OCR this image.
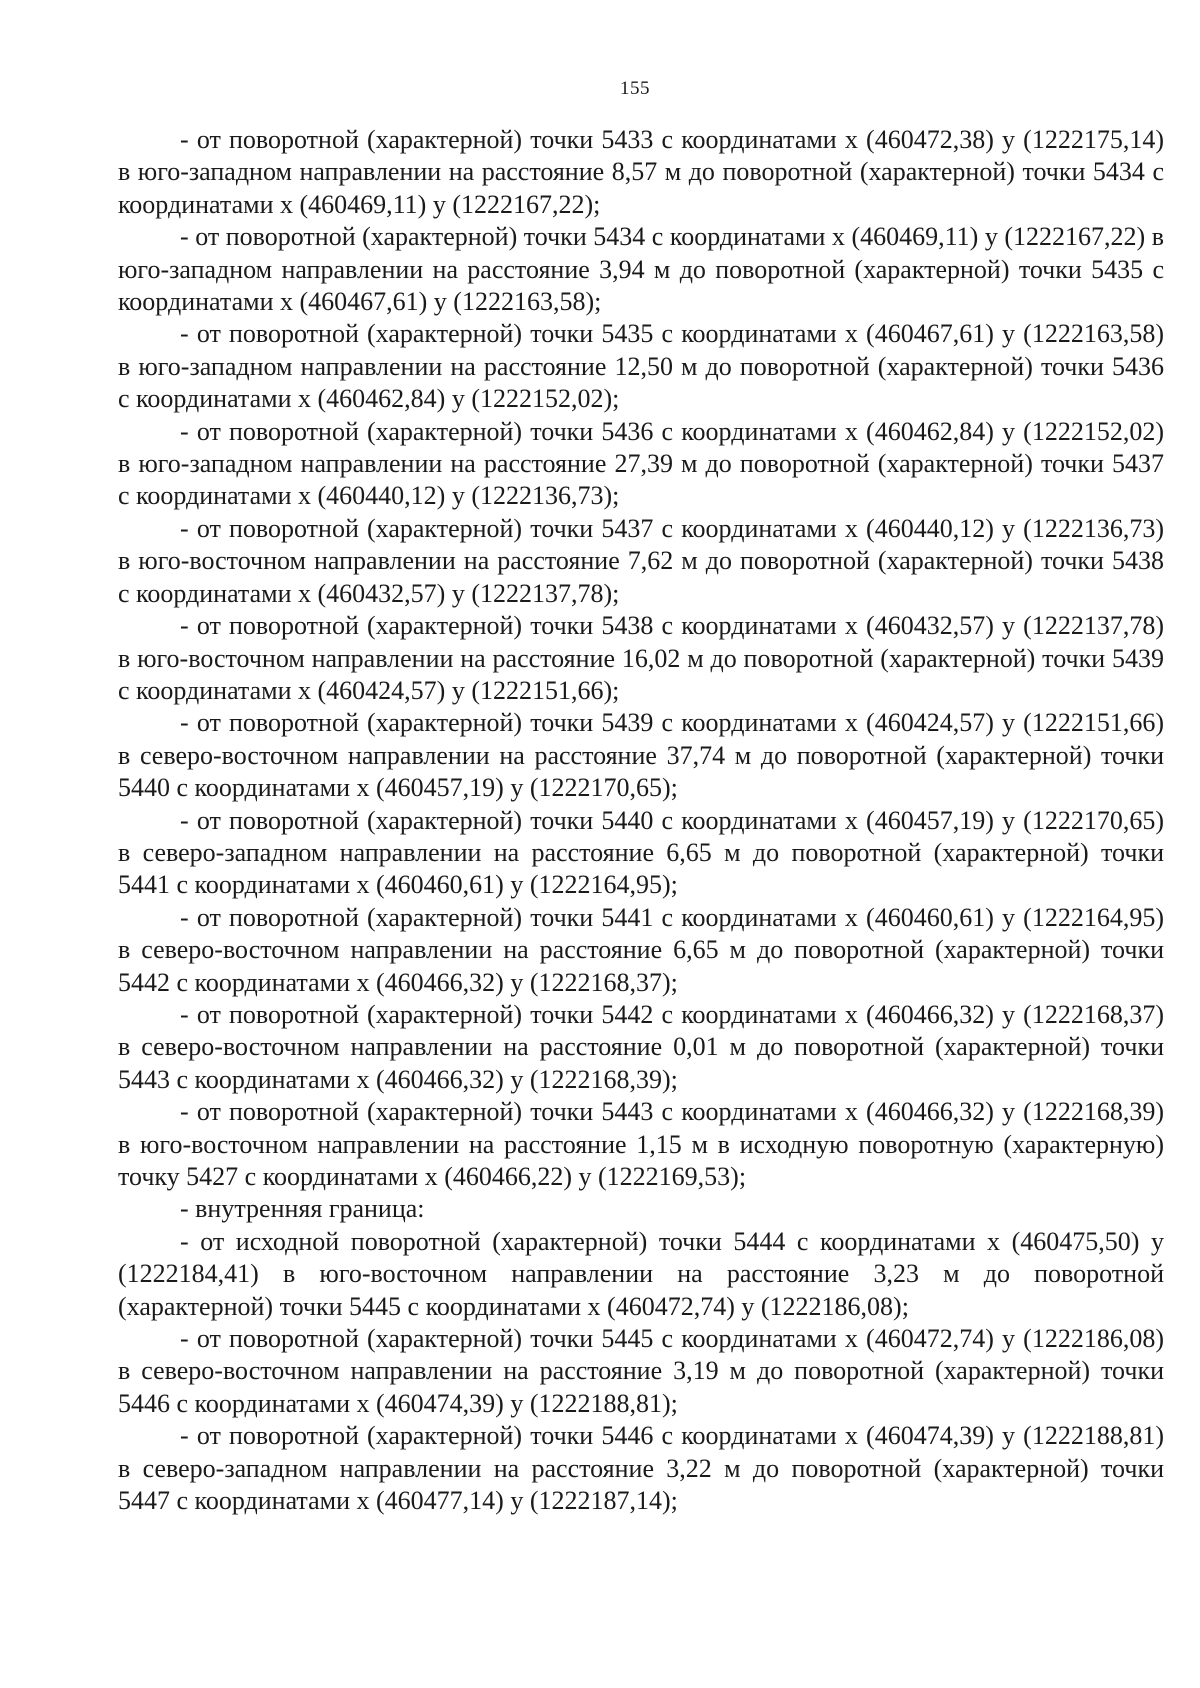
155

- от поворотной (характерной) точки 5433 с координатами x (460472,38) y (1222175,14) в юго-западном направлении на расстояние 8,57 м до поворотной (характерной) точки 5434 с координатами x (460469,11) y (1222167,22);

- от поворотной (характерной) точки 5434 с координатами x (460469,11) y (1222167,22) в юго-западном направлении на расстояние 3,94 м до поворотной (характерной) точки 5435 с координатами x (460467,61) y (1222163,58);

- от поворотной (характерной) точки 5435 с координатами x (460467,61) y (1222163,58) в юго-западном направлении на расстояние 12,50 м до поворотной (характерной) точки 5436 с координатами x (460462,84) y (1222152,02);

- от поворотной (характерной) точки 5436 с координатами x (460462,84) y (1222152,02) в юго-западном направлении на расстояние 27,39 м до поворотной (характерной) точки 5437 с координатами x (460440,12) y (1222136,73);

- от поворотной (характерной) точки 5437 с координатами x (460440,12) y (1222136,73) в юго-восточном направлении на расстояние 7,62 м до поворотной (характерной) точки 5438 с координатами x (460432,57) y (1222137,78);

- от поворотной (характерной) точки 5438 с координатами x (460432,57) y (1222137,78) в юго-восточном направлении на расстояние 16,02 м до поворотной (характерной) точки 5439 с координатами x (460424,57) y (1222151,66);

- от поворотной (характерной) точки 5439 с координатами x (460424,57) y (1222151,66) в северо-восточном направлении на расстояние 37,74 м до поворотной (характерной) точки 5440 с координатами x (460457,19) y (1222170,65);

- от поворотной (характерной) точки 5440 с координатами x (460457,19) y (1222170,65) в северо-западном направлении на расстояние 6,65 м до поворотной (характерной) точки 5441 с координатами x (460460,61) y (1222164,95);

- от поворотной (характерной) точки 5441 с координатами x (460460,61) y (1222164,95) в северо-восточном направлении на расстояние 6,65 м до поворотной (характерной) точки 5442 с координатами x (460466,32) y (1222168,37);

- от поворотной (характерной) точки 5442 с координатами x (460466,32) y (1222168,37) в северо-восточном направлении на расстояние 0,01 м до поворотной (характерной) точки 5443 с координатами x (460466,32) y (1222168,39);

- от поворотной (характерной) точки 5443 с координатами x (460466,32) y (1222168,39) в юго-восточном направлении на расстояние 1,15 м в исходную поворотную (характерную) точку 5427 с координатами x (460466,22) y (1222169,53);

- внутренняя граница:

- от исходной поворотной (характерной) точки 5444 с координатами x (460475,50) y (1222184,41) в юго-восточном направлении на расстояние 3,23 м до поворотной (характерной) точки 5445 с координатами x (460472,74) y (1222186,08);

- от поворотной (характерной) точки 5445 с координатами x (460472,74) y (1222186,08) в северо-восточном направлении на расстояние 3,19 м до поворотной (характерной) точки 5446 с координатами x (460474,39) y (1222188,81);

- от поворотной (характерной) точки 5446 с координатами x (460474,39) y (1222188,81) в северо-западном направлении на расстояние 3,22 м до поворотной (характерной) точки 5447 с координатами x (460477,14) y (1222187,14);
